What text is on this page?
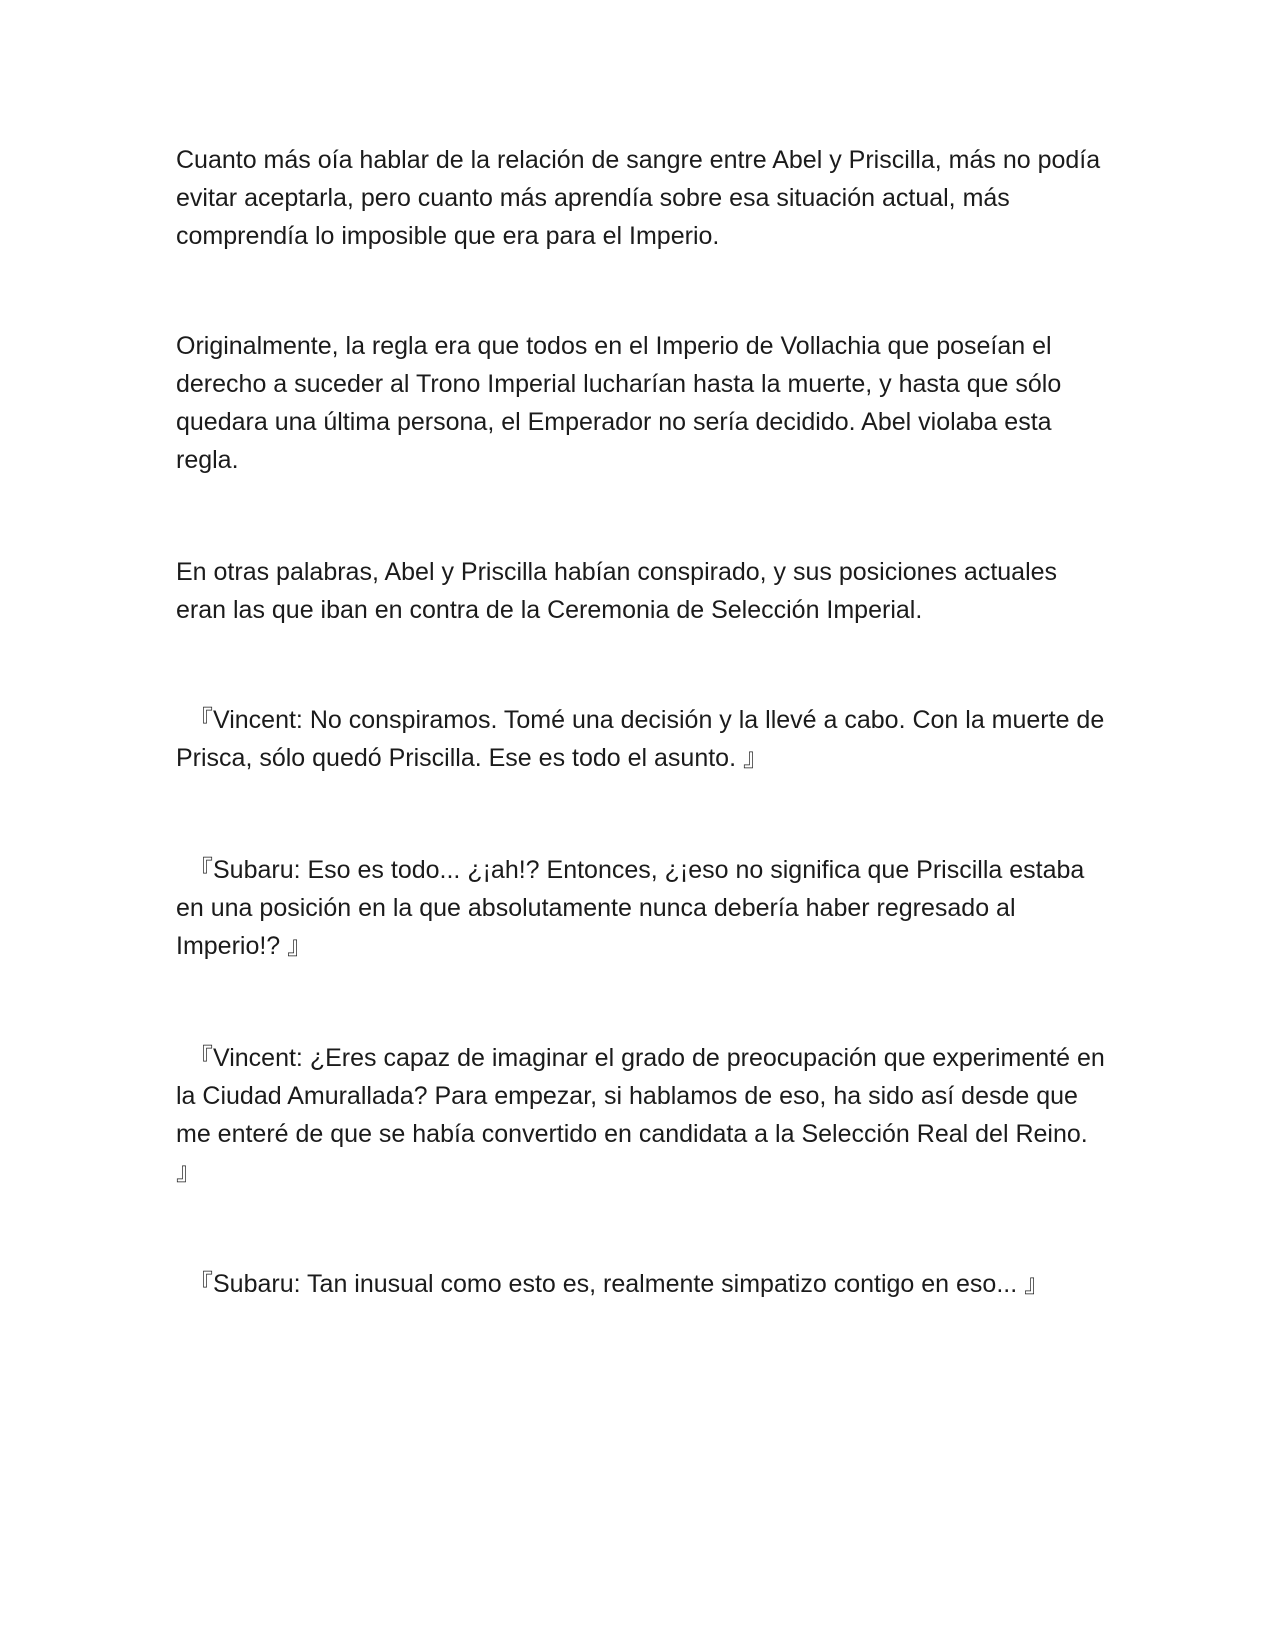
Cuanto más oía hablar de la relación de sangre entre Abel y Priscilla, más no podía evitar aceptarla, pero cuanto más aprendía sobre esa situación actual, más comprendía lo imposible que era para el Imperio.

Originalmente, la regla era que todos en el Imperio de Vollachia que poseían el derecho a suceder al Trono Imperial lucharían hasta la muerte, y hasta que sólo quedara una última persona, el Emperador no sería decidido. Abel violaba esta regla.

En otras palabras, Abel y Priscilla habían conspirado, y sus posiciones actuales eran las que iban en contra de la Ceremonia de Selección Imperial.

『Vincent: No conspiramos. Tomé una decisión y la llevé a cabo. Con la muerte de Prisca, sólo quedó Priscilla. Ese es todo el asunto. 』

『Subaru: Eso es todo... ¿¡ah!? Entonces, ¿¡eso no significa que Priscilla estaba en una posición en la que absolutamente nunca debería haber regresado al Imperio!? 』

『Vincent: ¿Eres capaz de imaginar el grado de preocupación que experimenté en la Ciudad Amurallada? Para empezar, si hablamos de eso, ha sido así desde que me enteré de que se había convertido en candidata a la Selección Real del Reino. 』

『Subaru: Tan inusual como esto es, realmente simpatizo contigo en eso... 』
